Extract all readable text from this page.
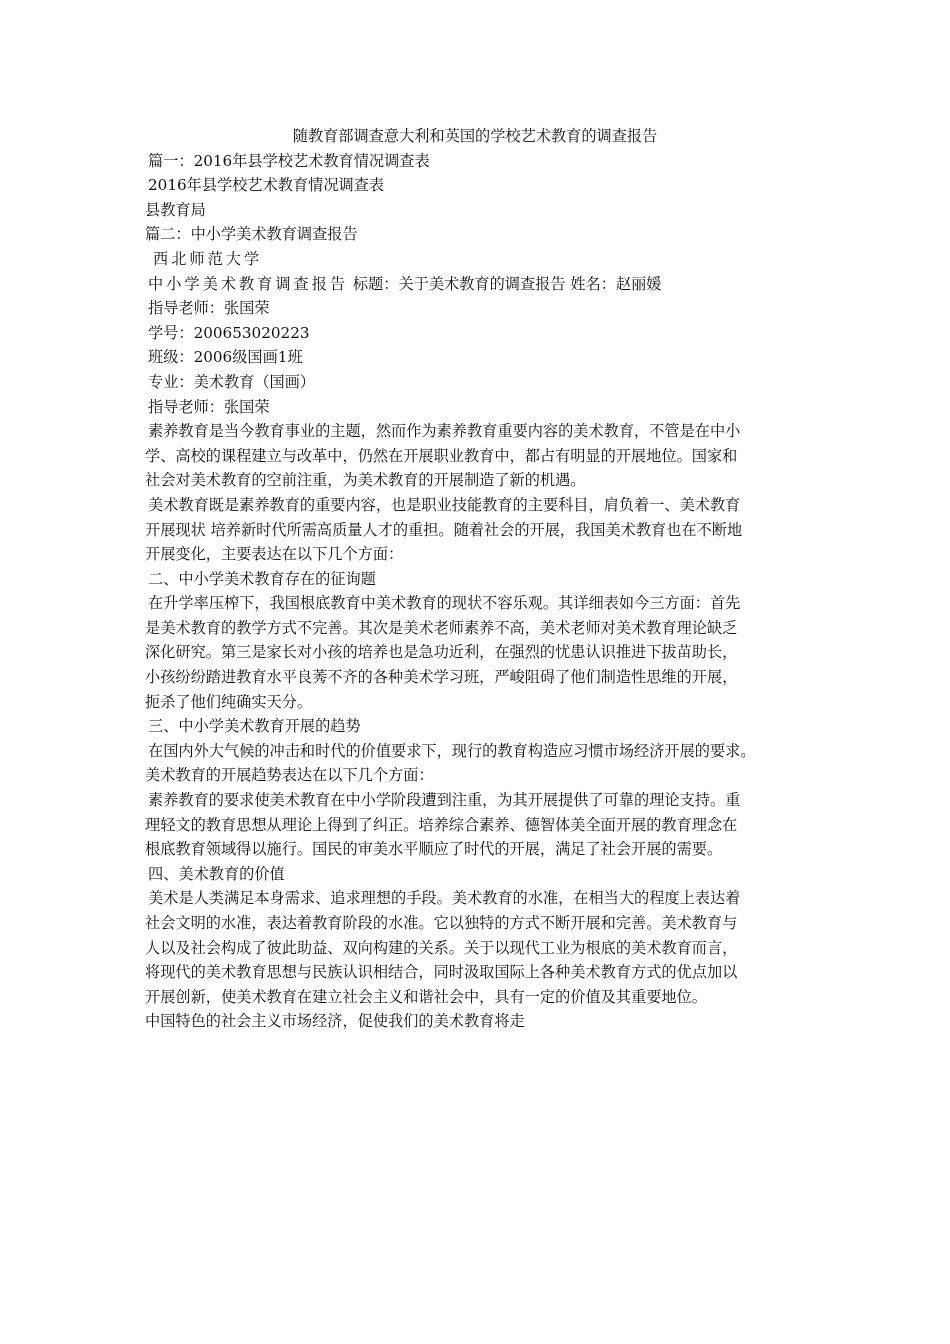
随教育部调查意大利和英国的学校艺术教育的调查报告

篇一：2016年县学校艺术教育情况调查表

2016年县学校艺术教育情况调查表

县教育局

篇二：中小学美术教育调查报告

西北师范大学

中小学美术教育调查报告 标题：关于美术教育的调查报告 姓名：赵丽媛

指导老师：张国荣

学号：200653020223

班级：2006级国画1班

专业：美术教育（国画）

指导老师：张国荣

素养教育是当今教育事业的主题，然而作为素养教育重要内容的美术教育，不管是在中小
学、高校的课程建立与改革中，仍然在开展职业教育中，都占有明显的开展地位。国家和
社会对美术教育的空前注重，为美术教育的开展制造了新的机遇。
美术教育既是素养教育的重要内容，也是职业技能教育的主要科目，肩负着一、美术教育
开展现状 培养新时代所需高质量人才的重担。随着社会的开展，我国美术教育也在不断地
开展变化，主要表达在以下几个方面：
二、中小学美术教育存在的征询题
在升学率压榨下，我国根底教育中美术教育的现状不容乐观。其详细表如今三方面：首先
是美术教育的教学方式不完善。其次是美术老师素养不高，美术老师对美术教育理论缺乏
深化研究。第三是家长对小孩的培养也是急功近利，在强烈的忧患认识推进下拔苗助长，
小孩纷纷踏进教育水平良莠不齐的各种美术学习班，严峻阻碍了他们制造性思维的开展，
扼杀了他们纯确实天分。
三、中小学美术教育开展的趋势
在国内外大气候的冲击和时代的价值要求下，现行的教育构造应习惯市场经济开展的要求。
美术教育的开展趋势表达在以下几个方面：
素养教育的要求使美术教育在中小学阶段遭到注重，为其开展提供了可靠的理论支持。重
理轻文的教育思想从理论上得到了纠正。培养综合素养、德智体美全面开展的教育理念在
根底教育领域得以施行。国民的审美水平顺应了时代的开展，满足了社会开展的需要。
四、美术教育的价值
美术是人类满足本身需求、追求理想的手段。美术教育的水准，在相当大的程度上表达着
社会文明的水准，表达着教育阶段的水准。它以独特的方式不断开展和完善。美术教育与
人以及社会构成了彼此助益、双向构建的关系。关于以现代工业为根底的美术教育而言，
将现代的美术教育思想与民族认识相结合，同时汲取国际上各种美术教育方式的优点加以
开展创新，使美术教育在建立社会主义和谐社会中，具有一定的价值及其重要地位。
中国特色的社会主义市场经济，促使我们的美术教育将走
